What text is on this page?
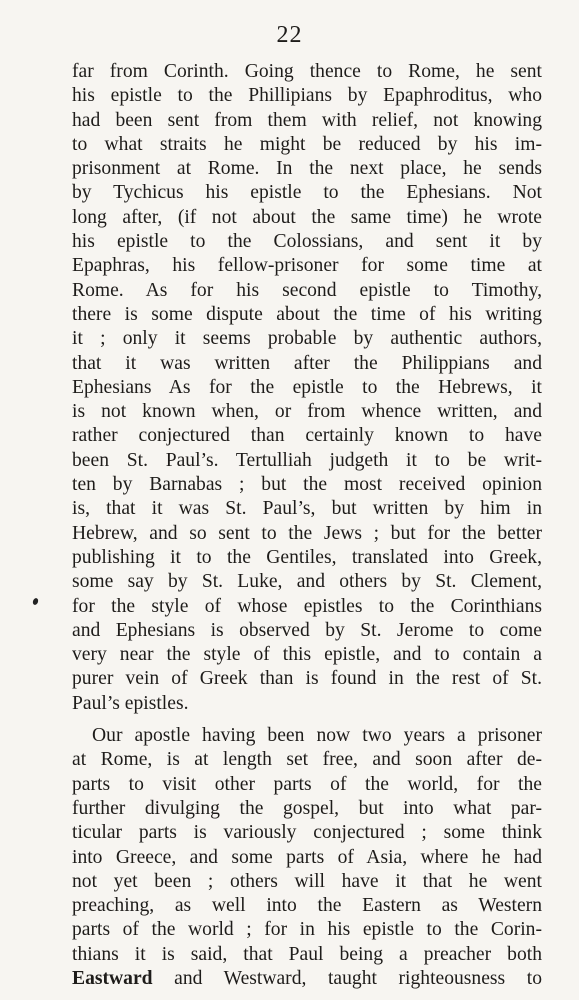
22
far from Corinth. Going thence to Rome, he sent
his epistle to the Phillipians by Epaphroditus, who
had been sent from them with relief, not knowing
to what straits he might be reduced by his im-
prisonment at Rome. In the next place, he sends
by Tychicus his epistle to the Ephesians. Not
long after, (if not about the same time) he wrote
his epistle to the Colossians, and sent it by
Epaphras, his fellow-prisoner for some time at
Rome. As for his second epistle to Timothy,
there is some dispute about the time of his writing
it ; only it seems probable by authentic authors,
that it was written after the Philippians and
Ephesians As for the epistle to the Hebrews, it
is not known when, or from whence written, and
rather conjectured than certainly known to have
been St. Paul’s. Tertulliah judgeth it to be writ-
ten by Barnabas ; but the most received opinion
is, that it was St. Paul’s, but written by him in
Hebrew, and so sent to the Jews ; but for the better
publishing it to the Gentiles, translated into Greek,
some say by St. Luke, and others by St. Clement,
for the style of whose epistles to the Corinthians
and Ephesians is observed by St. Jerome to come
very near the style of this epistle, and to contain a
purer vein of Greek than is found in the rest of St.
Paul’s epistles.
Our apostle having been now two years a prisoner
at Rome, is at length set free, and soon after de-
parts to visit other parts of the world, for the
further divulging the gospel, but into what par-
ticular parts is variously conjectured ; some think
into Greece, and some parts of Asia, where he had
not yet been ; others will have it that he went
preaching, as well into the Eastern as Western
parts of the world ; for in his epistle to the Corin-
thians it is said, that Paul being a preacher both
Eastward and Westward, taught righteousness to
